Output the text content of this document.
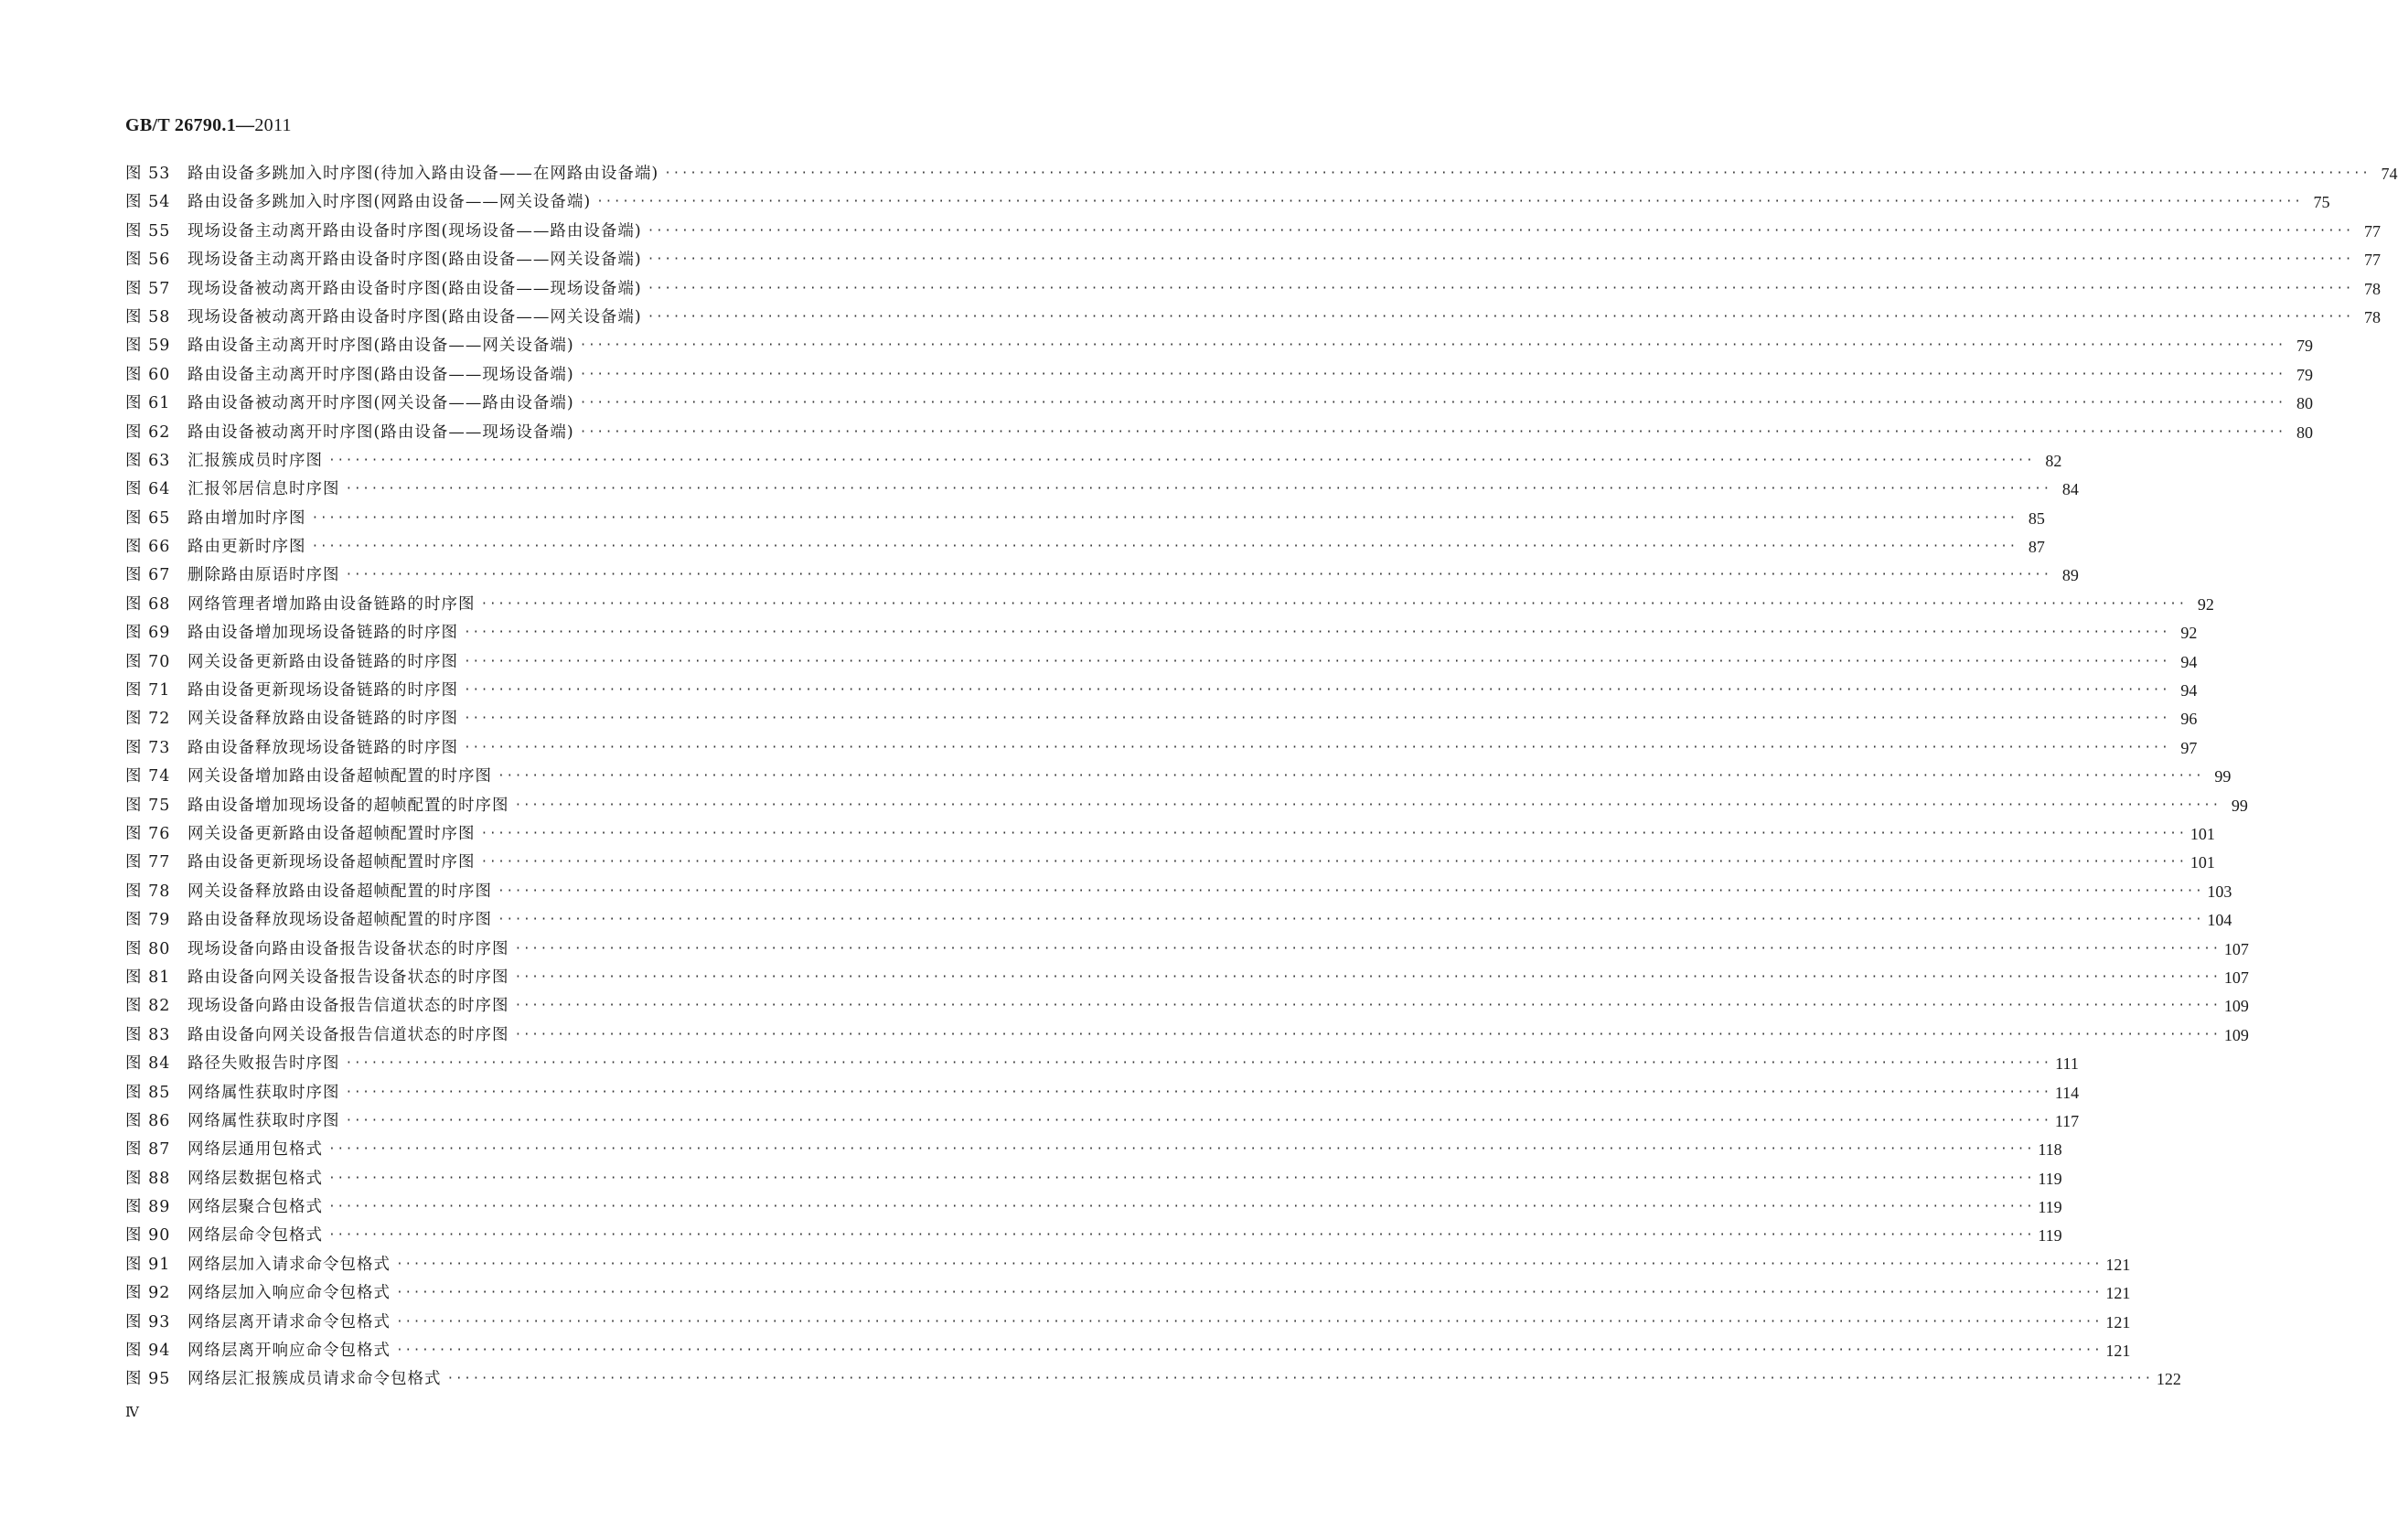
GB/T 26790.1—2011
图 53	路由设备多跳加入时序图(待加入路由设备——在网路由设备端) ········································································································································································································ 74
图 54	路由设备多跳加入时序图(网路由设备——网关设备端) ········································································································································································································ 75
图 55	现场设备主动离开路由设备时序图(现场设备——路由设备端) ········································································································································································································ 77
图 56	现场设备主动离开路由设备时序图(路由设备——网关设备端) ········································································································································································································ 77
图 57	现场设备被动离开路由设备时序图(路由设备——现场设备端) ········································································································································································································ 78
图 58	现场设备被动离开路由设备时序图(路由设备——网关设备端) ········································································································································································································ 78
图 59	路由设备主动离开时序图(路由设备——网关设备端) ········································································································································································································ 79
图 60	路由设备主动离开时序图(路由设备——现场设备端) ········································································································································································································ 79
图 61	路由设备被动离开时序图(网关设备——路由设备端) ········································································································································································································ 80
图 62	路由设备被动离开时序图(路由设备——现场设备端) ········································································································································································································ 80
图 63	汇报簇成员时序图 ········································································································································································································ 82
图 64	汇报邻居信息时序图 ········································································································································································································ 84
图 65	路由增加时序图 ········································································································································································································ 85
图 66	路由更新时序图 ········································································································································································································ 87
图 67	删除路由原语时序图 ········································································································································································································ 89
图 68	网络管理者增加路由设备链路的时序图 ········································································································································································································ 92
图 69	路由设备增加现场设备链路的时序图 ········································································································································································································ 92
图 70	网关设备更新路由设备链路的时序图 ········································································································································································································ 94
图 71	路由设备更新现场设备链路的时序图 ········································································································································································································ 94
图 72	网关设备释放路由设备链路的时序图 ········································································································································································································ 96
图 73	路由设备释放现场设备链路的时序图 ········································································································································································································ 97
图 74	网关设备增加路由设备超帧配置的时序图 ········································································································································································································ 99
图 75	路由设备增加现场设备的超帧配置的时序图 ········································································································································································································ 99
图 76	网关设备更新路由设备超帧配置时序图 ········································································································································································································ 101
图 77	路由设备更新现场设备超帧配置时序图 ········································································································································································································ 101
图 78	网关设备释放路由设备超帧配置的时序图 ········································································································································································································ 103
图 79	路由设备释放现场设备超帧配置的时序图 ········································································································································································································ 104
图 80	现场设备向路由设备报告设备状态的时序图 ········································································································································································································ 107
图 81	路由设备向网关设备报告设备状态的时序图 ········································································································································································································ 107
图 82	现场设备向路由设备报告信道状态的时序图 ········································································································································································································ 109
图 83	路由设备向网关设备报告信道状态的时序图 ········································································································································································································ 109
图 84	路径失败报告时序图 ········································································································································································································ 111
图 85	网络属性获取时序图 ········································································································································································································ 114
图 86	网络属性获取时序图 ········································································································································································································ 117
图 87	网络层通用包格式 ········································································································································································································ 118
图 88	网络层数据包格式 ········································································································································································································ 119
图 89	网络层聚合包格式 ········································································································································································································ 119
图 90	网络层命令包格式 ········································································································································································································ 119
图 91	网络层加入请求命令包格式 ········································································································································································································ 121
图 92	网络层加入响应命令包格式 ········································································································································································································ 121
图 93	网络层离开请求命令包格式 ········································································································································································································ 121
图 94	网络层离开响应命令包格式 ········································································································································································································ 121
图 95	网络层汇报簇成员请求命令包格式 ········································································································································································································ 122
Ⅳ
